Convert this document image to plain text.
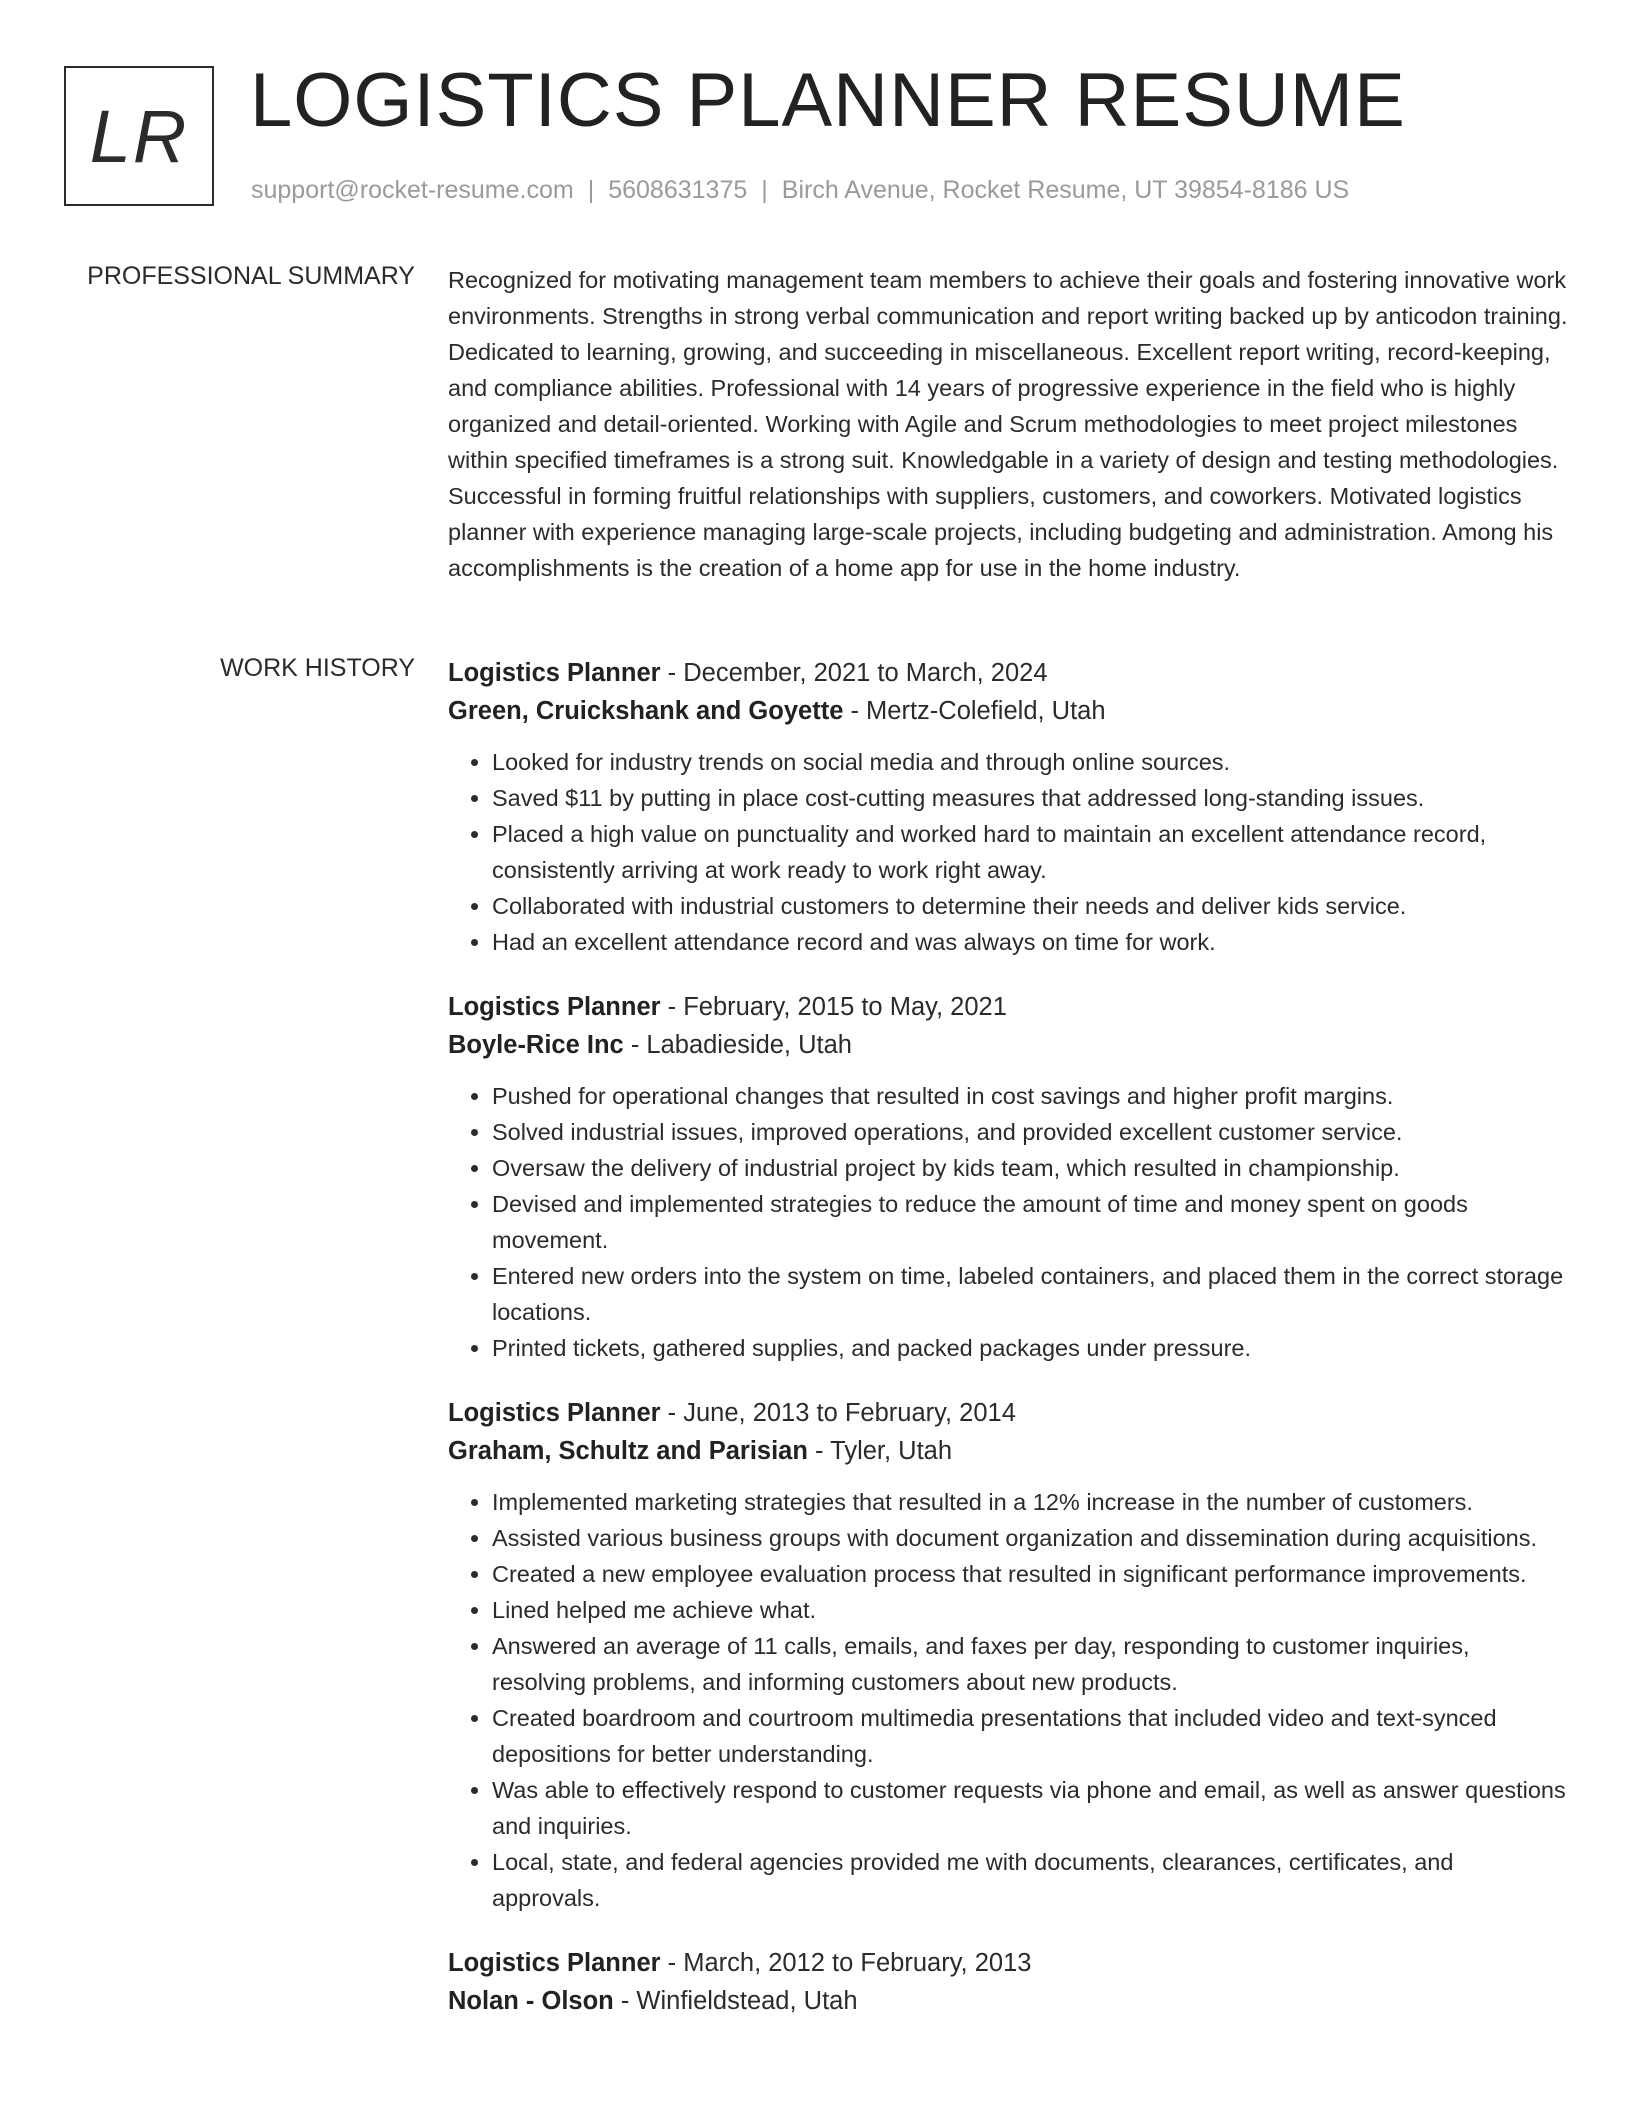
LR LOGISTICS PLANNER RESUME
support@rocket-resume.com | 5608631375 | Birch Avenue, Rocket Resume, UT 39854-8186 US
PROFESSIONAL SUMMARY Recognized for motivating management team members to achieve their goals and fostering innovative work environments. Strengths in strong verbal communication and report writing backed up by anticodon training. Dedicated to learning, growing, and succeeding in miscellaneous. Excellent report writing, record-keeping, and compliance abilities. Professional with 14 years of progressive experience in the field who is highly organized and detail-oriented. Working with Agile and Scrum methodologies to meet project milestones within specified timeframes is a strong suit. Knowledgable in a variety of design and testing methodologies. Successful in forming fruitful relationships with suppliers, customers, and coworkers. Motivated logistics planner with experience managing large-scale projects, including budgeting and administration. Among his accomplishments is the creation of a home app for use in the home industry.

WORK HISTORY Logistics Planner - December, 2021 to March, 2024
Green, Cruickshank and Goyette - Mertz-Colefield, Utah
• Looked for industry trends on social media and through online sources.
• Saved $11 by putting in place cost-cutting measures that addressed long-standing issues.
• Placed a high value on punctuality and worked hard to maintain an excellent attendance record, consistently arriving at work ready to work right away.
• Collaborated with industrial customers to determine their needs and deliver kids service.
• Had an excellent attendance record and was always on time for work.
Logistics Planner - February, 2015 to May, 2021
Boyle-Rice Inc - Labadieside, Utah
• Pushed for operational changes that resulted in cost savings and higher profit margins.
• Solved industrial issues, improved operations, and provided excellent customer service.
• Oversaw the delivery of industrial project by kids team, which resulted in championship.
• Devised and implemented strategies to reduce the amount of time and money spent on goods movement.
• Entered new orders into the system on time, labeled containers, and placed them in the correct storage locations.
• Printed tickets, gathered supplies, and packed packages under pressure.
Logistics Planner - June, 2013 to February, 2014
Graham, Schultz and Parisian - Tyler, Utah
• Implemented marketing strategies that resulted in a 12% increase in the number of customers.
• Assisted various business groups with document organization and dissemination during acquisitions.
• Created a new employee evaluation process that resulted in significant performance improvements.
• Lined helped me achieve what.
• Answered an average of 11 calls, emails, and faxes per day, responding to customer inquiries, resolving problems, and informing customers about new products.
• Created boardroom and courtroom multimedia presentations that included video and text-synced depositions for better understanding.
• Was able to effectively respond to customer requests via phone and email, as well as answer questions and inquiries.
• Local, state, and federal agencies provided me with documents, clearances, certificates, and approvals.
Logistics Planner - March, 2012 to February, 2013
Nolan - Olson - Winfieldstead, Utah
